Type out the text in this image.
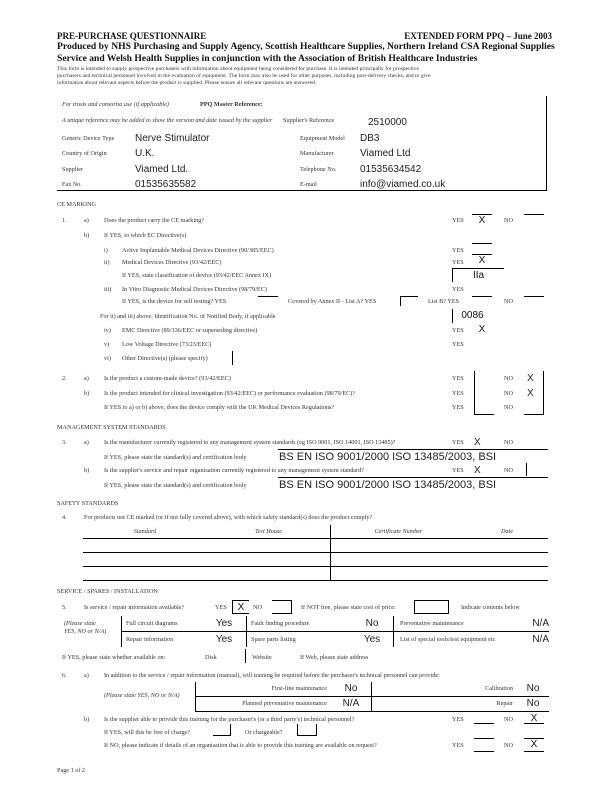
PRE-PURCHASE QUESTIONNAIRE	EXTENDED FORM PPQ – June 2003
Produced by NHS Purchasing and Supply Agency, Scottish Healthcare Supplies, Northern Ireland CSA Regional Supplies
Service and Welsh Health Supplies in conjunction with the Association of British Healthcare Industries
This form is intended to supply prospective purchasers with information about equipment being considered for purchase. It is intended principally for prospective
purchasers and technical personnel involved in the evaluation of equipment. The form may also be used for other purposes, including post-delivery checks, and to give
information about relevant aspects before the product is supplied. Please ensure all relevant questions are answered.
For trusts and consortia use (if applicable)	PPQ Master Reference:
A unique reference may be added to show the version and date issued by the supplier Supplier's Reference	2510000
Generic Device Type Nerve Stimulator	Equipment Model DB3
Country of Origin	U.K.	Manufacturer	Viamed Ltd
Supplier	Viamed Ltd.	Telephone No. 01535634542
Fax No.	01535635582	E-mail	info@viamed.co.uk
CE MARKING
1.	a) Does the product carry the CE marking?	YES	X	NO
b) If YES, to which EC Directive(s)
i) Active Implantable Medical Devices Directive (90/385/EEC)	YES
ii) Medical Devices Directive (93/42/EEC)	YES	X
If YES, state classification of device (93/42/EEC Annex IX)	IIa
iii) In Vitro Diagnostic Medical Devices Directive (98/79/EC)	YES
If YES, is the device for self testing? YES	Covered by Annex II - List A? YES	List B? YES	NO
For ii) and iii) above, Identification No. of Notified Body, if applicable	0086
iv) EMC Directive (89/336/EEC or superseding directive)	YES	X
v) Low Voltage Directive (73/23/EEC)	YES
vi) Other Directive(s) (please specify)
2.	a) Is the product a custom-made device? (93/42/EEC)	YES	NO X
b) Is the product intended for clinical investigation (93/42/EEC) or performance evaluation (98/79/EC)?	YES	NO X
If YES to a) or b) above, does the device comply with the UK Medical Devices Regulations?	YES	NO
MANAGEMENT SYSTEM STANDARDS
3.	a) Is the manufacturer currently registered to any management system standards (eg ISO 9001, ISO 14001, ISO 13485)?	YES X	NO
If YES, please state the standard(s) and certification body	BS EN ISO 9001/2000 ISO 13485/2003, BSI
b) Is the supplier's service and repair organisation currently registered to any management system standard?	YES X	NO
If YES, please state the standard(s) and certification body	BS EN ISO 9001/2000 ISO 13485/2003, BSI
SAFETY STANDARDS
4.	For products not CE marked (or if not fully covered above), with which safety standard(s) does the product comply?
Standard	Test House	Certificate Number	Date
SERVICE / SPARES / INSTALLATION
5.	Is service / repair information available?	YES	X	NO	If NOT free, please state cost of price:	Indicate contents below
(Please state
YES, NO or N/A)
Full circuit diagrams	Yes	Fault finding procedure	No	Preventative maintenance	N/A
Repair information	Yes	Spare parts listing	Yes	List of special tools/test equipment etc	N/A
If YES, please state whether available on:	Disk	Website	If Web, please state address
6.	a) In addition to the service / repair information (manual), will training be required before the purchaser's technical personnel can provide:
(Please state YES, NO or N/A)
First-line maintenance	No	Calibration	No
Planned preventative maintenance	N/A	Repair	No
b) Is the supplier able to provide this training for the purchaser's (or a third party's) technical personnel?	YES	NO	X
If YES, will this be free of charge?	Or chargeable?
If NO, please indicate if details of an organisation that is able to provide this training are available on request?	YES	NO	X
Page 1 of 2
